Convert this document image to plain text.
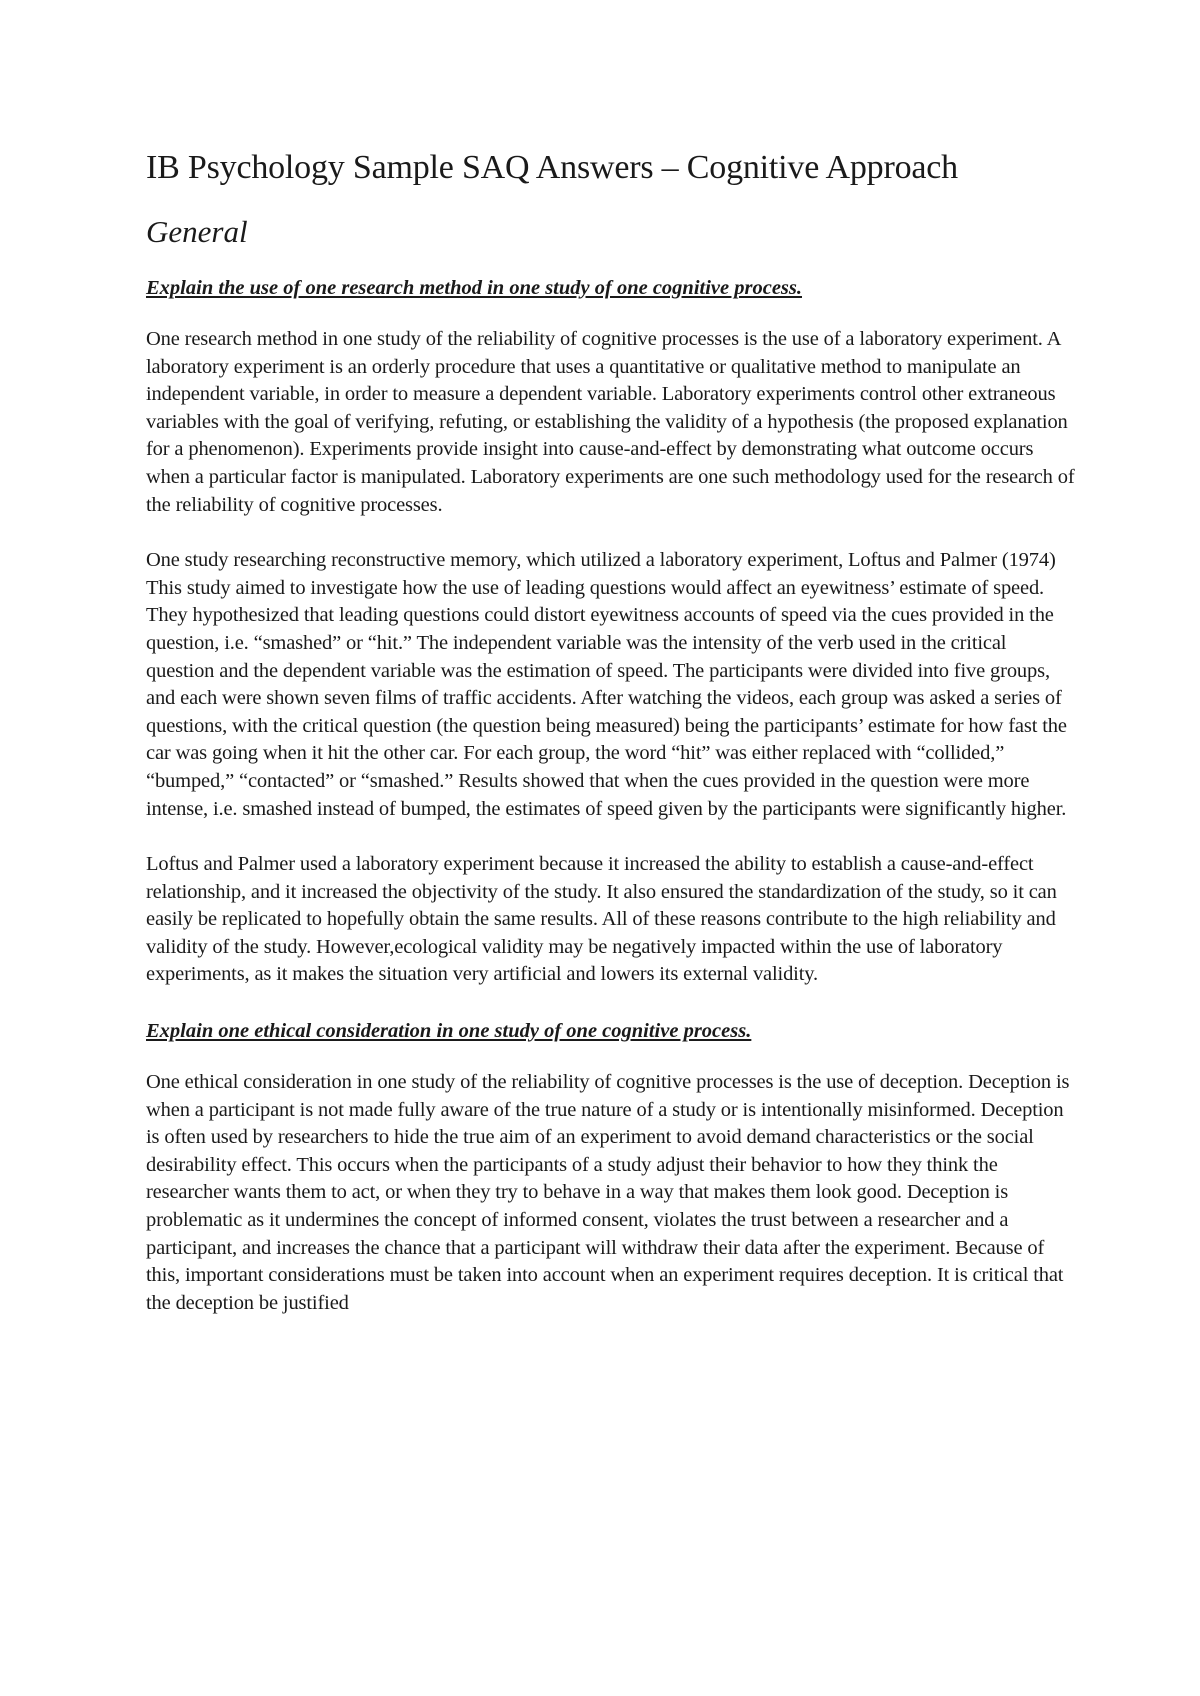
IB Psychology Sample SAQ Answers – Cognitive Approach
General
Explain the use of one research method in one study of one cognitive process.

One research method in one study of the reliability of cognitive processes is the use of a laboratory experiment. A laboratory experiment is an orderly procedure that uses a quantitative or qualitative method to manipulate an independent variable, in order to measure a dependent variable. Laboratory experiments control other extraneous variables with the goal of verifying, refuting, or establishing the validity of a hypothesis (the proposed explanation for a phenomenon). Experiments provide insight into cause-and-effect by demonstrating what outcome occurs when a particular factor is manipulated. Laboratory experiments are one such methodology used for the research of the reliability of cognitive processes.

One study researching reconstructive memory, which utilized a laboratory experiment, Loftus and Palmer (1974) This study aimed to investigate how the use of leading questions would affect an eyewitness’ estimate of speed. They hypothesized that leading questions could distort eyewitness accounts of speed via the cues provided in the question, i.e. “smashed” or “hit.” The independent variable was the intensity of the verb used in the critical question and the dependent variable was the estimation of speed. The participants were divided into five groups, and each were shown seven films of traffic accidents. After watching the videos, each group was asked a series of questions, with the critical question (the question being measured) being the participants’ estimate for how fast the car was going when it hit the other car. For each group, the word “hit” was either replaced with “collided,” “bumped,” “contacted” or “smashed.” Results showed that when the cues provided in the question were more intense, i.e. smashed instead of bumped, the estimates of speed given by the participants were significantly higher.

Loftus and Palmer used a laboratory experiment because it increased the ability to establish a cause-and-effect relationship, and it increased the objectivity of the study. It also ensured the standardization of the study, so it can easily be replicated to hopefully obtain the same results. All of these reasons contribute to the high reliability and validity of the study. However,ecological validity may be negatively impacted within the use of laboratory experiments, as it makes the situation very artificial and lowers its external validity.

Explain one ethical consideration in one study of one cognitive process.

One ethical consideration in one study of the reliability of cognitive processes is the use of deception. Deception is when a participant is not made fully aware of the true nature of a study or is intentionally misinformed. Deception is often used by researchers to hide the true aim of an experiment to avoid demand characteristics or the social desirability effect. This occurs when the participants of a study adjust their behavior to how they think the researcher wants them to act, or when they try to behave in a way that makes them look good. Deception is problematic as it undermines the concept of informed consent, violates the trust between a researcher and a participant, and increases the chance that a participant will withdraw their data after the experiment. Because of this, important considerations must be taken into account when an experiment requires deception. It is critical that the deception be justified
